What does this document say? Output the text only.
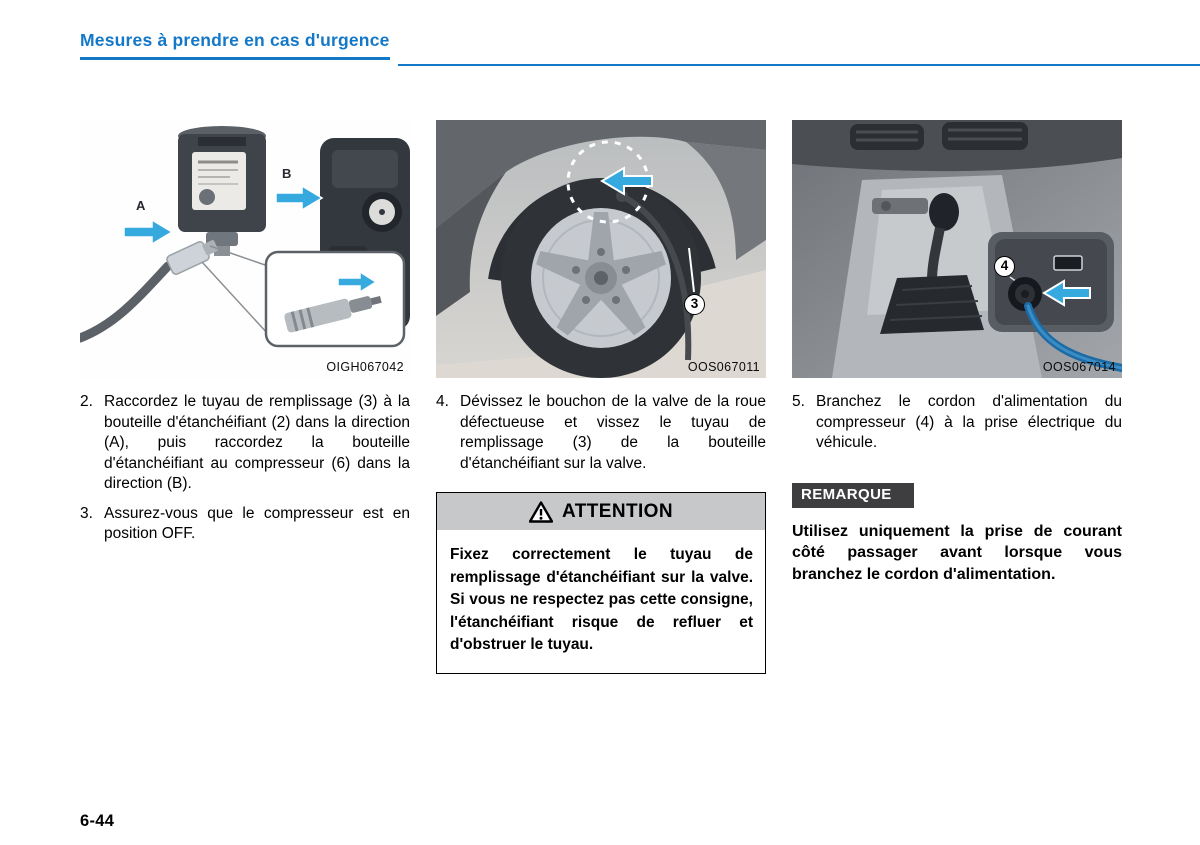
Mesures à prendre en cas d'urgence
A
B
OIGH067042
2. Raccordez le tuyau de remplissage (3) à la bouteille d'étanchéifiant (2) dans la direction (A), puis raccordez la bouteille d'étanchéifiant au compresseur (6) dans la direction (B).
3. Assurez-vous que le compresseur est en position OFF.
3
OOS067011
4. Dévissez le bouchon de la valve de la roue défectueuse et vissez le tuyau de remplissage (3) de la bouteille d'étanchéifiant sur la valve.
ATTENTION
Fixez correctement le tuyau de remplissage d'étanchéifiant sur la valve. Si vous ne respectez pas cette consigne, l'étanchéifiant risque de refluer et d'obstruer le tuyau.
4
OOS067014
5. Branchez le cordon d'alimentation du compresseur (4) à la prise électrique du véhicule.
REMARQUE
Utilisez uniquement la prise de courant côté passager avant lorsque vous branchez le cordon d'alimentation.
6-44
